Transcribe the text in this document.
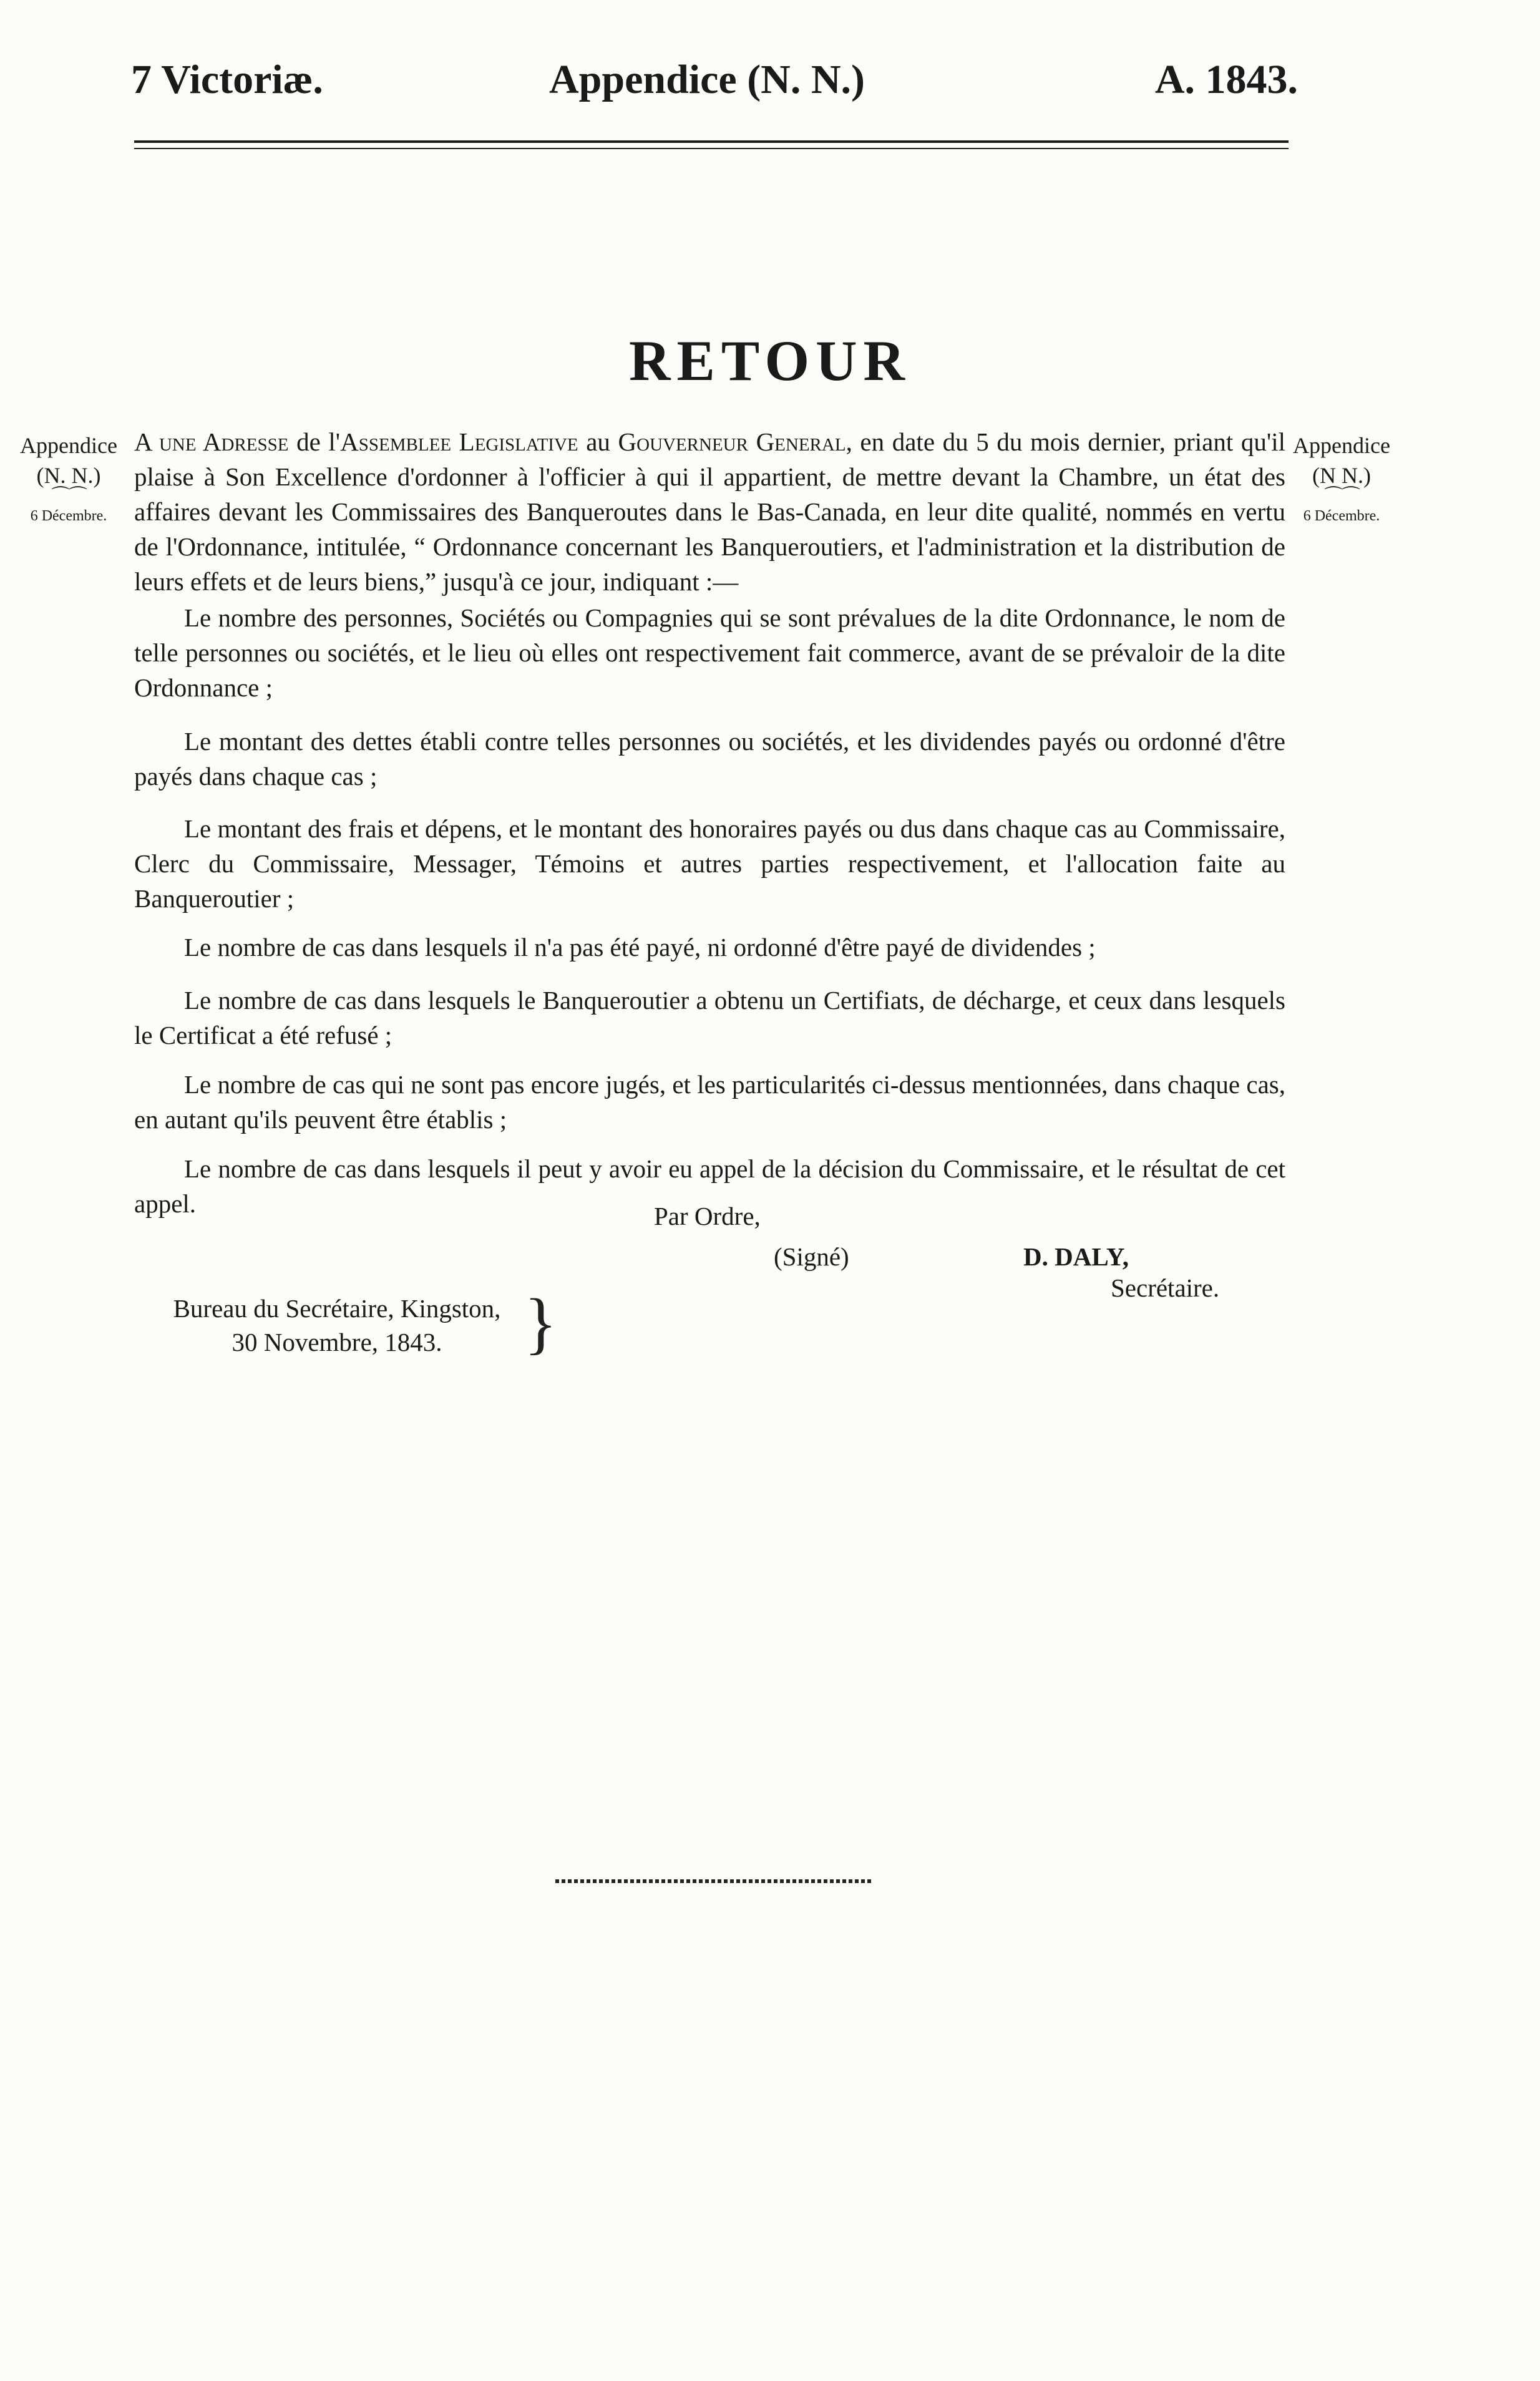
7 Victoriæ.	Appendice (N. N.)	A. 1843.
RETOUR
Appendice
(N. N.)
⌒⌒
6 Décembre.
Appendice
(N N.)
⌒⌒
6 Décembre.
A une Adresse de l'Assemblee Legislative au Gouverneur General, en date du 5 du mois dernier, priant qu'il plaise à Son Excellence d'ordonner à l'officier à qui il appartient, de mettre devant la Chambre, un état des affaires devant les Commissaires des Banqueroutes dans le Bas-Canada, en leur dite qualité, nommés en vertu de l'Ordonnance, intitulée, “ Ordonnance concernant les Banqueroutiers, et l'administration et la distribution de leurs effets et de leurs biens,” jusqu'à ce jour, indiquant :—

Le nombre des personnes, Sociétés ou Compagnies qui se sont prévalues de la dite Ordonnance, le nom de telle personnes ou sociétés, et le lieu où elles ont respectivement fait commerce, avant de se prévaloir de la dite Ordonnance ;

Le montant des dettes établi contre telles personnes ou sociétés, et les dividendes payés ou ordonné d'être payés dans chaque cas ;

Le montant des frais et dépens, et le montant des honoraires payés ou dus dans chaque cas au Commissaire, Clerc du Commissaire, Messager, Témoins et autres parties respectivement, et l'allocation faite au Banqueroutier ;

Le nombre de cas dans lesquels il n'a pas été payé, ni ordonné d'être payé de dividendes ;

Le nombre de cas dans lesquels le Banqueroutier a obtenu un Certifiats, de décharge, et ceux dans lesquels le Certificat a été refusé ;

Le nombre de cas qui ne sont pas encore jugés, et les particularités ci-dessus mentionnées, dans chaque cas, en autant qu'ils peuvent être établis ;

Le nombre de cas dans lesquels il peut y avoir eu appel de la décision du Commissaire, et le résultat de cet appel.	Par Ordre,
(Signé)	D. DALY,
Secrétaire.
Bureau du Secrétaire, Kingston,
30 Novembre, 1843.	}
